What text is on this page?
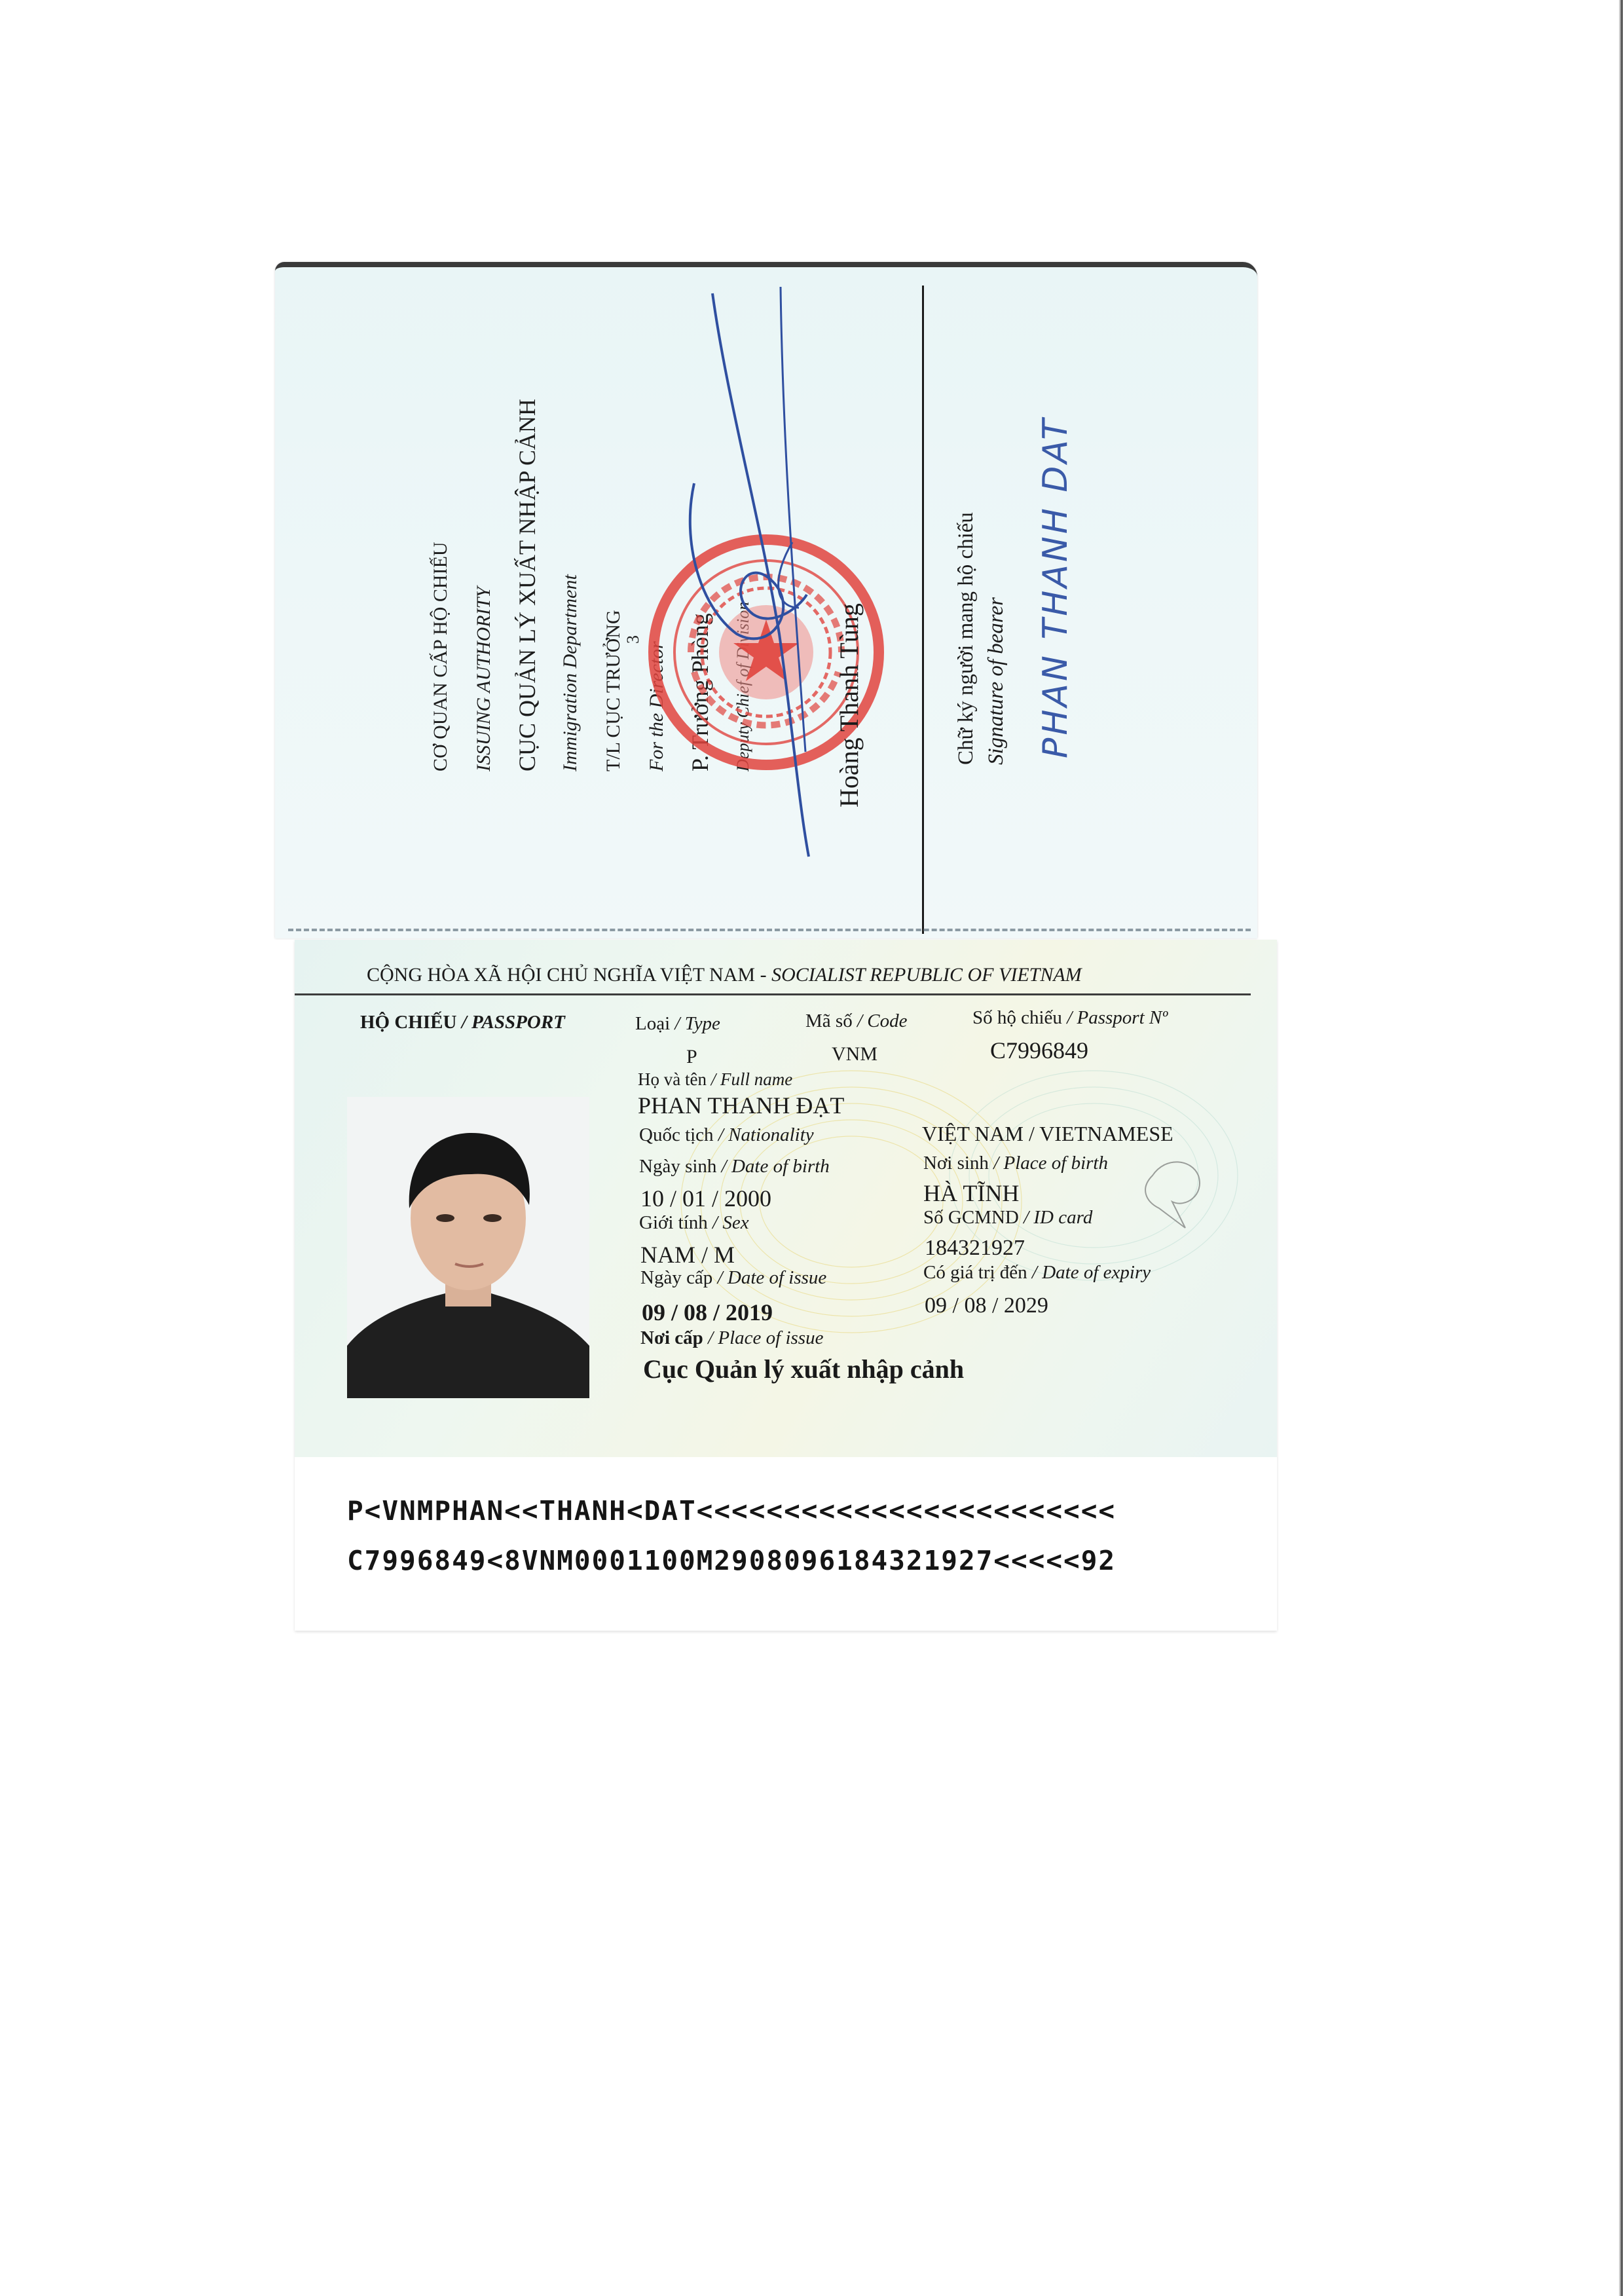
3
CƠ QUAN CẤP HỘ CHIẾU	ISSUING AUTHORITY CỤC QUẢN LÝ XUẤT NHẬP CẢNH Immigration Department	T/L CỤC TRƯỞNG	For the Director P. Trưởng Phòng	Hoàng Thanh Tùng	Chữ ký người mang hộ chiếu Signature of bearer PHAN THANH DAT
CỘNG HÒA XÃ HỘI CHỦ NGHĨA VIỆT NAM - SOCIALIST REPUBLIC OF VIETNAM
HỘ CHIẾU / PASSPORT	Loại / Type
P
Mã số / Code
VNM
Số hộ chiếu / Passport Nº
C7996849
Họ và tên / Full name
PHAN THANH ĐẠT
Quốc tịch / Nationality	VIỆT NAM / VIETNAMESE
Ngày sinh / Date of birth
10 / 01 / 2000
Nơi sinh / Place of birth
HÀ TĨNH
Giới tính / Sex
NAM / M
Số GCMND / ID card
184321927
Ngày cấp / Date of issue
09 / 08 / 2019
Có giá trị đến / Date of expiry
09 / 08 / 2029
Nơi cấp / Place of issue
Cục Quản lý xuất nhập cảnh
P<VNMPHAN<<THANH<DAT<<<<<<<<<<<<<<<<<<<<<<<<
C7996849<8VNM0001100M2908096184321927<<<<<92
